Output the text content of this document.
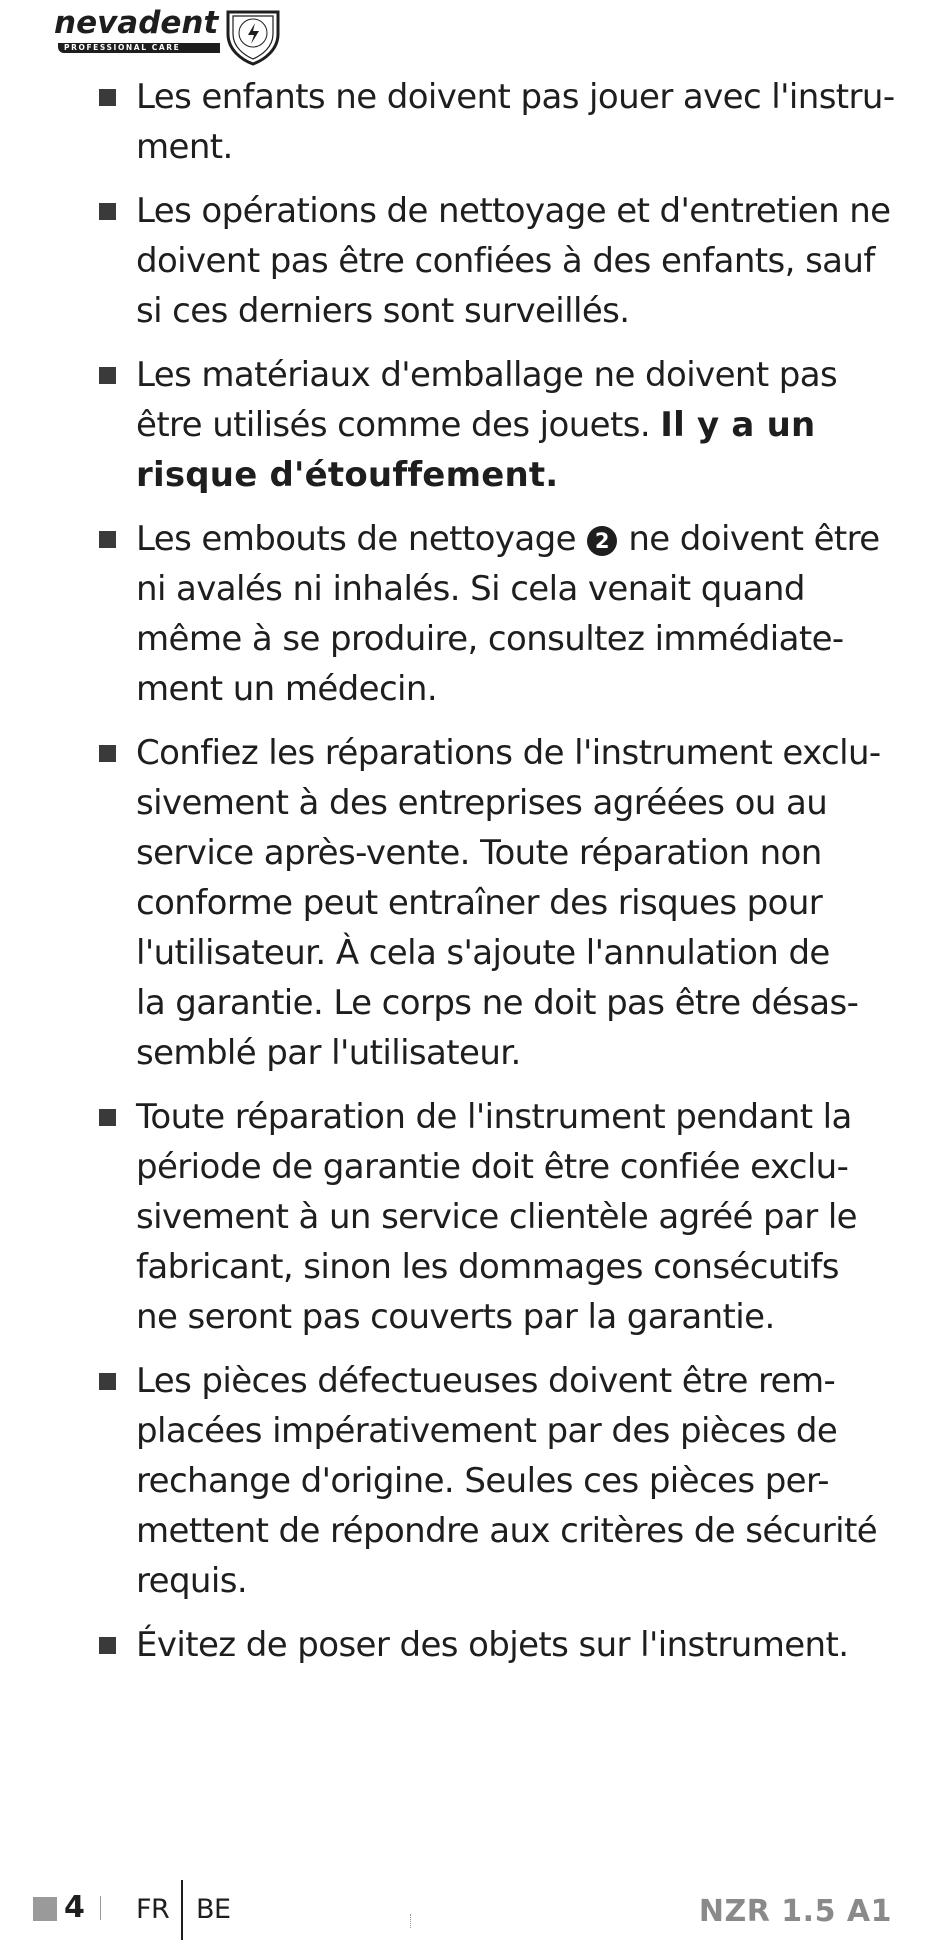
nevadent
PROFESSIONAL CARE

Les enfants ne doivent pas jouer avec l'instru-
ment.

Les opérations de nettoyage et d'entretien ne
doivent pas être confiées à des enfants, sauf
si ces derniers sont surveillés.

Les matériaux d'emballage ne doivent pas
être utilisés comme des jouets. Il y a un
risque d'étouffement.

Les embouts de nettoyage 2 ne doivent être
ni avalés ni inhalés. Si cela venait quand
même à se produire, consultez immédiate-
ment un médecin.

Confiez les réparations de l'instrument exclu-
sivement à des entreprises agréées ou au
service après-vente. Toute réparation non
conforme peut entraîner des risques pour
l'utilisateur. À cela s'ajoute l'annulation de
la garantie. Le corps ne doit pas être désas-
semblé par l'utilisateur.

Toute réparation de l'instrument pendant la
période de garantie doit être confiée exclu-
sivement à un service clientèle agréé par le
fabricant, sinon les dommages consécutifs
ne seront pas couverts par la garantie.

Les pièces défectueuses doivent être rem-
placées impérativement par des pièces de
rechange d'origine. Seules ces pièces per-
mettent de répondre aux critères de sécurité
requis.

Évitez de poser des objets sur l'instrument.

4 FR BE	NZR 1.5 A1
